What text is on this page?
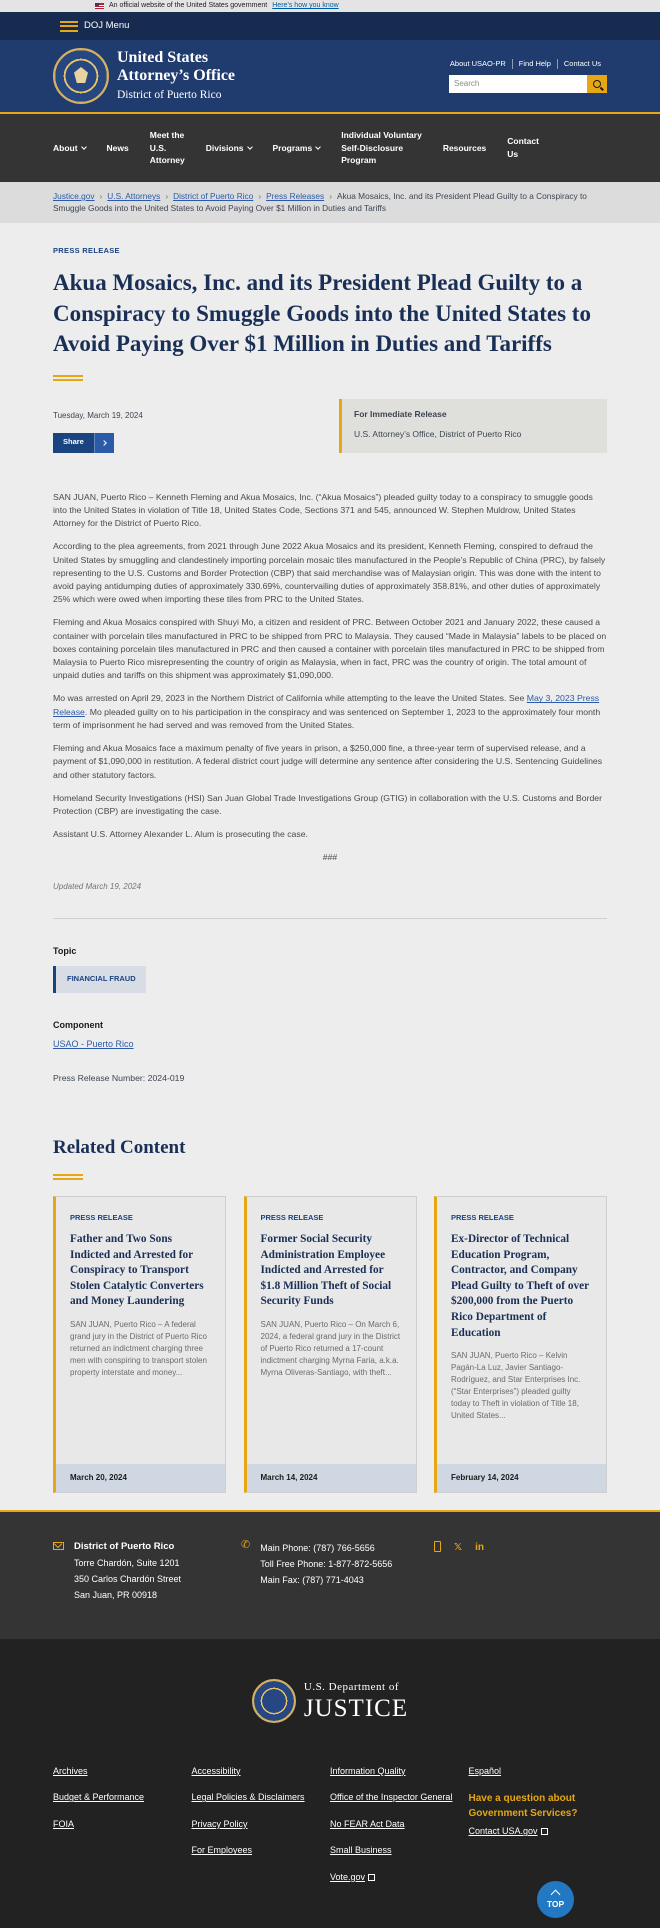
An official website of the United States government Here’s how you know
DOJ Menu
United States
Attorney’s Office
District of Puerto Rico
About USAO-PR	Find Help	Contact Us
Search
About	News
Meet the
U.S.
Attorney
Divisions	Programs
Individual Voluntary
Self-Disclosure
Program
Resources
Contact
Us
Justice.gov › U.S. Attorneys › District of Puerto Rico › Press Releases › Akua Mosaics, Inc. and its President Plead Guilty to a Conspiracy to Smuggle Goods into the United States to Avoid Paying Over $1 Million in Duties and Tariffs
PRESS RELEASE
Akua Mosaics, Inc. and its President Plead Guilty to a Conspiracy to Smuggle Goods into the United States to Avoid Paying Over $1 Million in Duties and Tariffs
Tuesday, March 19, 2024
Share
For Immediate Release
U.S. Attorney’s Office, District of Puerto Rico

SAN JUAN, Puerto Rico – Kenneth Fleming and Akua Mosaics, Inc. (“Akua Mosaics”) pleaded guilty today to a conspiracy to smuggle goods into the United States in violation of Title 18, United States Code, Sections 371 and 545, announced W. Stephen Muldrow, United States Attorney for the District of Puerto Rico.

According to the plea agreements, from 2021 through June 2022 Akua Mosaics and its president, Kenneth Fleming, conspired to defraud the United States by smuggling and clandestinely importing porcelain mosaic tiles manufactured in the People’s Republic of China (PRC), by falsely representing to the U.S. Customs and Border Protection (CBP) that said merchandise was of Malaysian origin. This was done with the intent to avoid paying antidumping duties of approximately 330.69%, countervailing duties of approximately 358.81%, and other duties of approximately 25% which were owed when importing these tiles from PRC to the United States.

Fleming and Akua Mosaics conspired with Shuyi Mo, a citizen and resident of PRC. Between October 2021 and January 2022, these caused a container with porcelain tiles manufactured in PRC to be shipped from PRC to Malaysia. They caused “Made in Malaysia” labels to be placed on boxes containing porcelain tiles manufactured in PRC and then caused a container with porcelain tiles manufactured in PRC to be shipped from Malaysia to Puerto Rico misrepresenting the country of origin as Malaysia, when in fact, PRC was the country of origin. The total amount of unpaid duties and tariffs on this shipment was approximately $1,090,000.

Mo was arrested on April 29, 2023 in the Northern District of California while attempting to the leave the United States. See May 3, 2023 Press Release. Mo pleaded guilty on to his participation in the conspiracy and was sentenced on September 1, 2023 to the approximately four month term of imprisonment he had served and was removed from the United States.

Fleming and Akua Mosaics face a maximum penalty of five years in prison, a $250,000 fine, a three-year term of supervised release, and a payment of $1,090,000 in restitution. A federal district court judge will determine any sentence after considering the U.S. Sentencing Guidelines and other statutory factors.

Homeland Security Investigations (HSI) San Juan Global Trade Investigations Group (GTIG) in collaboration with the U.S. Customs and Border Protection (CBP) are investigating the case.

Assistant U.S. Attorney Alexander L. Alum is prosecuting the case.

###
Updated March 19, 2024
Topic
FINANCIAL FRAUD
Component
USAO - Puerto Rico
Press Release Number: 2024-019
Related Content
PRESS RELEASE
Father and Two Sons Indicted and Arrested for Conspiracy to Transport Stolen Catalytic Converters and Money Laundering
SAN JUAN, Puerto Rico – A federal grand jury in the District of Puerto Rico returned an indictment charging three men with conspiring to transport stolen property interstate and money...
March 20, 2024
PRESS RELEASE
Former Social Security Administration Employee Indicted and Arrested for $1.8 Million Theft of Social Security Funds
SAN JUAN, Puerto Rico – On March 6, 2024, a federal grand jury in the District of Puerto Rico returned a 17-count indictment charging Myrna Faria, a.k.a. Myrna Oliveras-Santiago, with theft...
March 14, 2024
PRESS RELEASE
Ex-Director of Technical Education Program, Contractor, and Company Plead Guilty to Theft of over $200,000 from the Puerto Rico Department of Education
SAN JUAN, Puerto Rico – Kelvin Pagán-La Luz, Javier Santiago-Rodríguez, and Star Enterprises Inc. (“Star Enterprises”) pleaded guilty today to Theft in violation of Title 18, United States...
February 14, 2024
District of Puerto Rico
Torre Chardón, Suite 1201
350 Carlos Chardón Street
San Juan, PR 00918
✆ Main Phone: (787) 766-5656
Toll Free Phone: 1-877-872-5656
Main Fax: (787) 771-4043
𝕏 in
U.S. Department of
JUSTICE
Archives
Budget & Performance
FOIA
Accessibility
Legal Policies & Disclaimers
Privacy Policy
For Employees
Information Quality
Office of the Inspector General
No FEAR Act Data
Small Business
Vote.gov
Español
Have a question about Government Services?
Contact USA.gov
TOP
